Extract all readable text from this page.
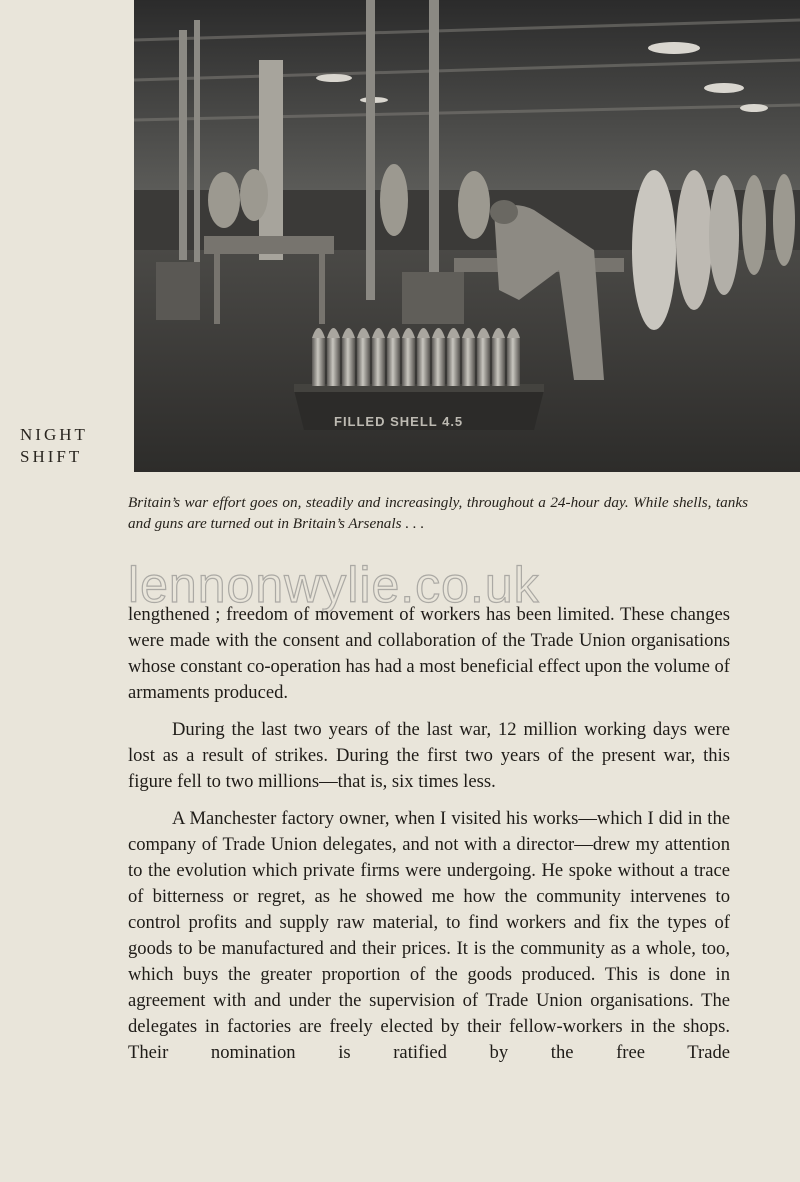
FILLED SHELL 4.5
NIGHT
SHIFT

Britain’s war effort goes on, steadily and increasingly, throughout a 24-hour day. While shells, tanks and guns are turned out in Britain’s Arsenals . . .

lennonwylie.co.uk

lengthened ; freedom of movement of workers has been limited. These changes were made with the consent and collaboration of the Trade Union organisations whose constant co-operation has had a most beneficial effect upon the volume of armaments produced.

During the last two years of the last war, 12 million working days were lost as a result of strikes. During the first two years of the present war, this figure fell to two millions—that is, six times less.

A Manchester factory owner, when I visited his works—which I did in the company of Trade Union delegates, and not with a director—drew my attention to the evolution which private firms were undergoing. He spoke without a trace of bitterness or regret, as he showed me how the community intervenes to control profits and supply raw material, to find workers and fix the types of goods to be manufactured and their prices. It is the community as a whole, too, which buys the greater proportion of the goods produced. This is done in agreement with and under the supervision of Trade Union organisations. The delegates in factories are freely elected by their fellow-workers in the shops. Their nomination is ratified by the free Trade
